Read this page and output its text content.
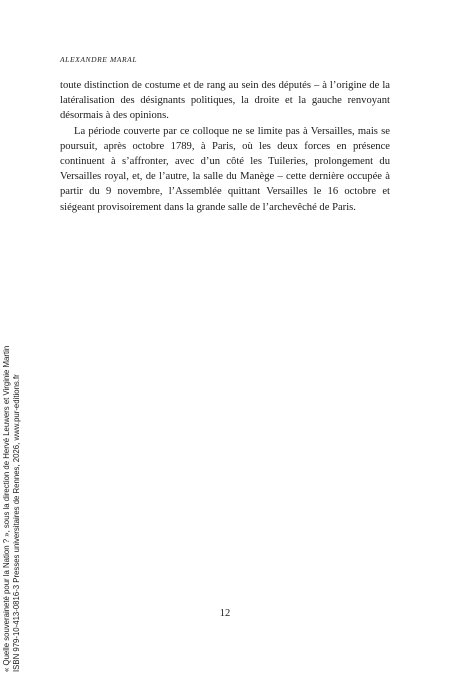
ALEXANDRE MARAL

toute distinction de costume et de rang au sein des députés – à l’origine de la latéralisation des désignants politiques, la droite et la gauche renvoyant désormais à des opinions.

La période couverte par ce colloque ne se limite pas à Versailles, mais se poursuit, après octobre 1789, à Paris, où les deux forces en présence continuent à s’affronter, avec d’un côté les Tuileries, prolongement du Versailles royal, et, de l’autre, la salle du Manège – cette dernière occupée à partir du 9 novembre, l’Assemblée quittant Versailles le 16 octobre et siégeant provisoirement dans la grande salle de l’archevêché de Paris.

12
« Quelle souveraineté pour la Nation ? », sous la direction de Hervé Leuwers et Virginie Martin ISBN 979-10-413-0816-3 Presses universitaires de Rennes, 2026, www.pur-editions.fr
